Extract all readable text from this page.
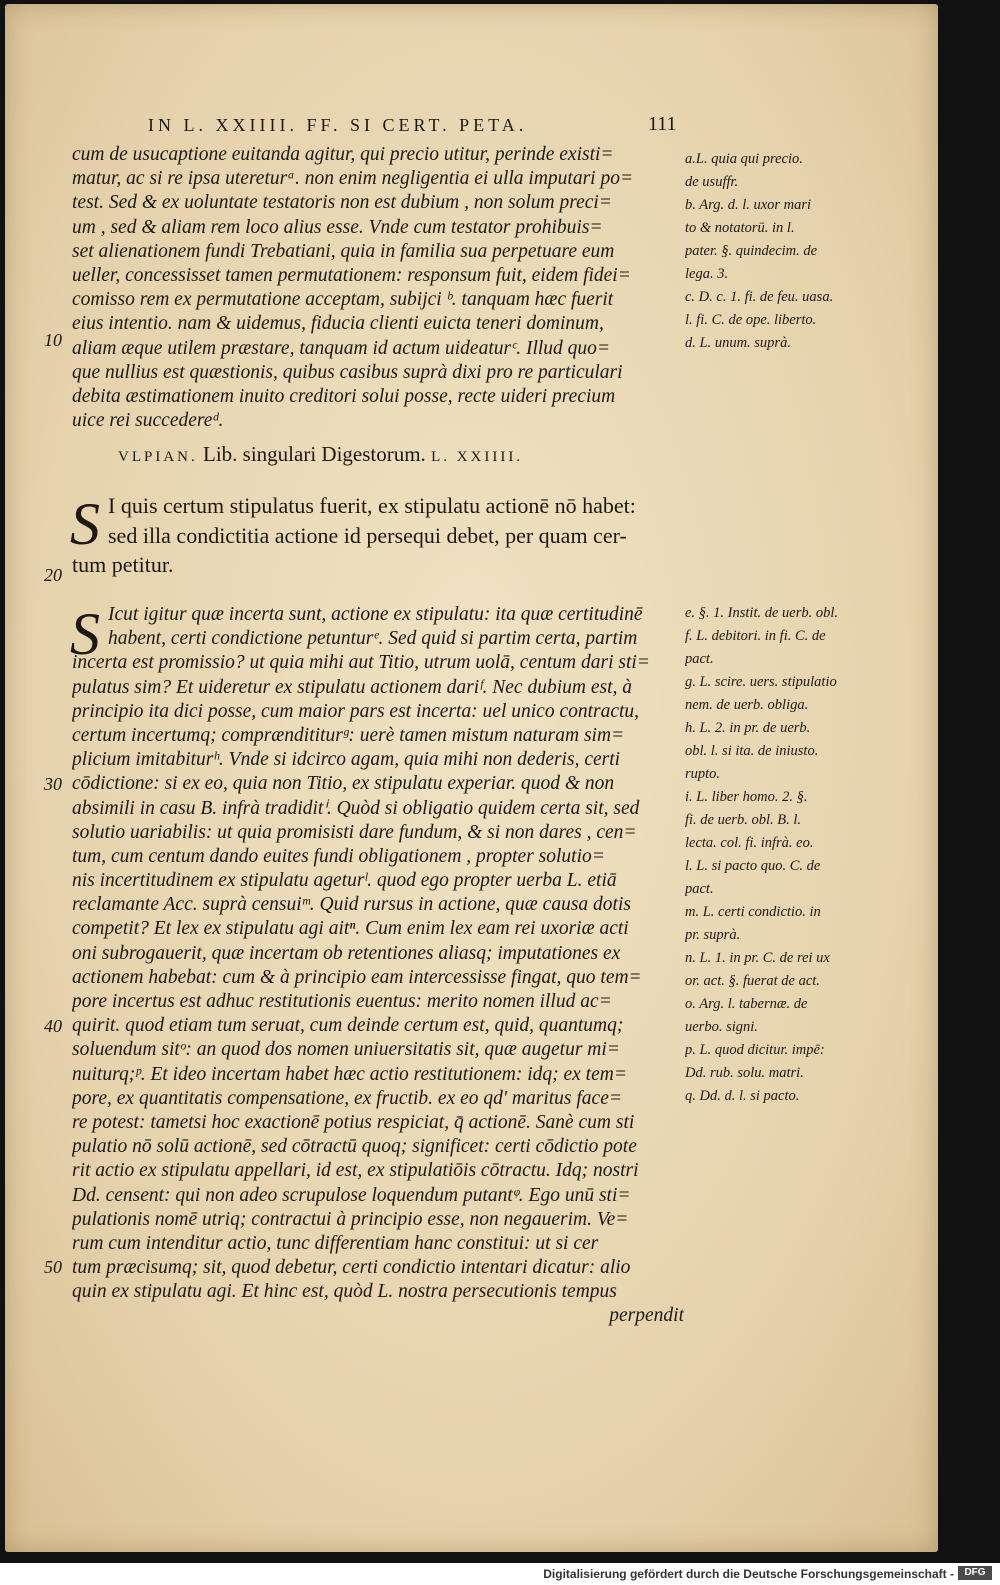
IN L. XXIIII. FF. SI CERT. PETA.	111
cum de usucaptione euitanda agitur, qui precio utitur, perinde existi=
matur, ac si re ipsa utereturᵃ. non enim negligentia ei ulla imputari po=
test. Sed & ex uoluntate testatoris non est dubium , non solum preci=
um , sed & aliam rem loco alius esse. Vnde cum testator prohibuis=
set alienationem fundi Trebatiani, quia in familia sua perpetuare eum
ueller, concessisset tamen permutationem: responsum fuit, eidem fidei=
comisso rem ex permutatione acceptam, subijci ᵇ. tanquam hæc fuerit
eius intentio. nam & uidemus, fiducia clienti euicta teneri dominum,
aliam æque utilem præstare, tanquam id actum uideaturᶜ. Illud quo=
que nullius est quæstionis, quibus casibus suprà dixi pro re particulari
debita æstimationem inuito creditori solui posse, recte uideri precium
uice rei succedereᵈ.
VLPIAN. Lib. singulari Digestorum. L. XXIIII.
S I quis certum stipulatus fuerit, ex stipulatu actionē nō habet:
sed illa condictitia actione id persequi debet, per quam cer-
tum petitur.
S Icut igitur quæ incerta sunt, actione ex stipulatu: ita quæ certitudinē
habent, certi condictione petunturᵉ. Sed quid si partim certa, partim
incerta est promissio? ut quia mihi aut Titio, utrum uolā, centum dari sti=
pulatus sim? Et uideretur ex stipulatu actionem dariᶠ. Nec dubium est, à
principio ita dici posse, cum maior pars est incerta: uel unico contractu,
certum incertumq; comprændititurᵍ: uerè tamen mistum naturam sim=
plicium imitabiturʰ. Vnde si idcirco agam, quia mihi non dederis, certi
cōdictione: si ex eo, quia non Titio, ex stipulatu experiar. quod & non
absimili in casu B. infrà tradiditⁱ. Quòd si obligatio quidem certa sit, sed
solutio uariabilis: ut quia promisisti dare fundum, & si non dares , cen=
tum, cum centum dando euites fundi obligationem , propter solutio=
nis incertitudinem ex stipulatu ageturˡ. quod ego propter uerba L. etiā
reclamante Acc. suprà censuiᵐ. Quid rursus in actione, quæ causa dotis
competit? Et lex ex stipulatu agi aitⁿ. Cum enim lex eam rei uxoriæ acti
oni subrogauerit, quæ incertam ob retentiones aliasq; imputationes ex
actionem habebat: cum & à principio eam intercessisse fingat, quo tem=
pore incertus est adhuc restitutionis euentus: merito nomen illud ac=
quirit. quod etiam tum seruat, cum deinde certum est, quid, quantumq;
soluendum sitᵒ: an quod dos nomen uniuersitatis sit, quæ augetur mi=
nuiturq;ᵖ. Et ideo incertam habet hæc actio restitutionem: idq; ex tem=
pore, ex quantitatis compensatione, ex fructib. ex eo qd' maritus face=
re potest: tametsi hoc exactionē potius respiciat, q̄ actionē. Sanè cum sti
pulatio nō solū actionē, sed cōtractū quoq; significet: certi cōdictio pote
rit actio ex stipulatu appellari, id est, ex stipulatiōis cōtractu. Idq; nostri
Dd. censent: qui non adeo scrupulose loquendum putantᵠ. Ego unū sti=
pulationis nomē utriq; contractui à principio esse, non negauerim. Ve=
rum cum intenditur actio, tunc differentiam hanc constitui: ut si cer
tum præcisumq; sit, quod debetur, certi condictio intentari dicatur: alio
quin ex stipulatu agi. Et hinc est, quòd L. nostra persecutionis tempus
perpendit
10
20
30
40
50
a.L. quia qui precio.
de usuffr.
b. Arg. d. l. uxor mari
to & notatorū. in l.
pater. §. quindecim. de
lega. 3.
c. D. c. 1. fi. de feu. uasa.
l. fi. C. de ope. liberto.
d. L. unum. suprà.
e. §. 1. Instit. de uerb. obl.
f. L. debitori. in fi. C. de
pact.
g. L. scire. uers. stipulatio
nem. de uerb. obliga.
h. L. 2. in pr. de uerb.
obl. l. si ita. de iniusto.
rupto.
i. L. liber homo. 2. §.
fi. de uerb. obl. B. l.
lecta. col. fi. infrà. eo.
l. L. si pacto quo. C. de
pact.
m. L. certi condictio. in
pr. suprà.
n. L. 1. in pr. C. de rei ux
or. act. §. fuerat de act.
o. Arg. l. tabernæ. de
uerbo. signi.
p. L. quod dicitur. impē:
Dd. rub. solu. matri.
q. Dd. d. l. si pacto.
Digitalisierung gefördert durch die Deutsche Forschungsgemeinschaft -	DFG
